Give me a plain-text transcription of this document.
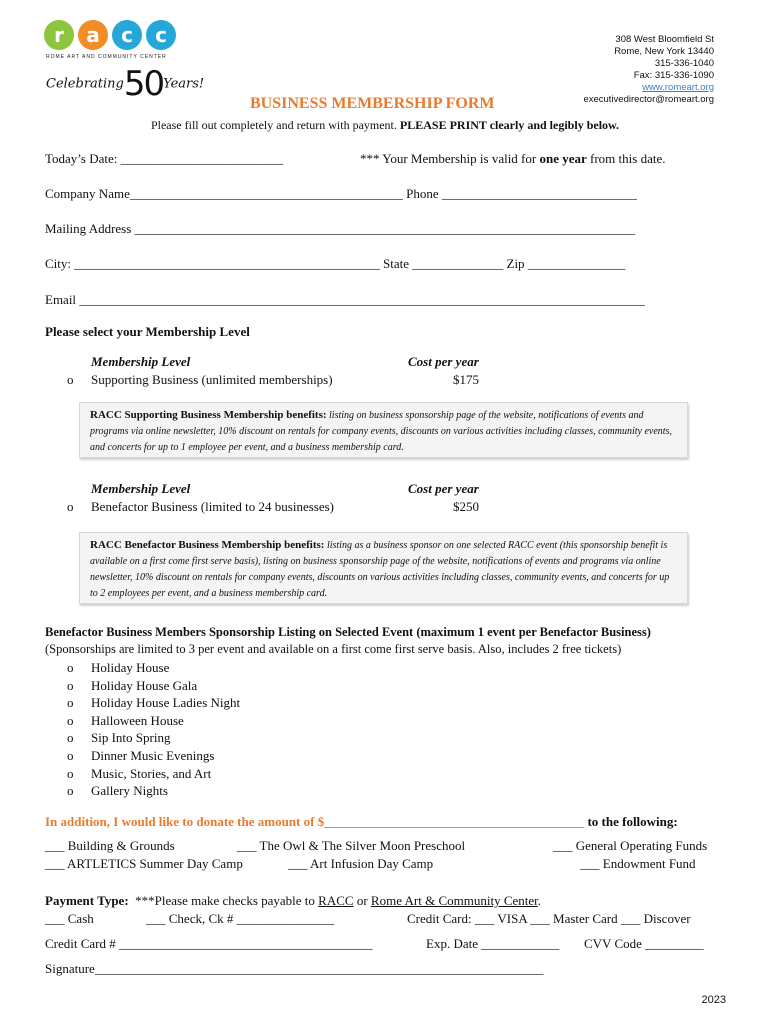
r	a	c	c
ROME ART AND COMMUNITY CENTER
Celebrating50Years!
308 West Bloomfield St
Rome, New York 13440
315-336-1040
Fax: 315-336-1090
www.romeart.org
executivedirector@romeart.org
BUSINESS MEMBERSHIP FORM
Please fill out completely and return with payment. PLEASE PRINT clearly and legibly below.
Today’s Date: _________________________	*** Your Membership is valid for one year from this date.
Company Name__________________________________________ Phone ______________________________
Mailing Address _____________________________________________________________________________
City: _______________________________________________ State ______________ Zip _______________
Email _______________________________________________________________________________________
Please select your Membership Level
Membership Level	Cost per year
o Supporting Business (unlimited memberships)	$175
RACC Supporting Business Membership benefits: listing on business sponsorship page of the website, notifications of events and programs via online newsletter, 10% discount on rentals for company events, discounts on various activities including classes, community events, and concerts for up to 1 employee per event, and a business membership card.
Membership Level	Cost per year
o Benefactor Business (limited to 24 businesses)	$250
RACC Benefactor Business Membership benefits: listing as a business sponsor on one selected RACC event (this sponsorship benefit is available on a first come first serve basis), listing on business sponsorship page of the website, notifications of events and programs via online newsletter, 10% discount on rentals for company events, discounts on various activities including classes, community events, and concerts for up to 2 employees per event, and a business membership card.
Benefactor Business Members Sponsorship Listing on Selected Event (maximum 1 event per Benefactor Business)
(Sponsorships are limited to 3 per event and available on a first come first serve basis. Also, includes 2 free tickets)
o Holiday House
o Holiday House Gala
o Holiday House Ladies Night
o Halloween House
o Sip Into Spring
o Dinner Music Evenings
o Music, Stories, and Art
o Gallery Nights
In addition, I would like to donate the amount of $________________________________________ to the following:
___ Building & Grounds	___ The Owl & The Silver Moon Preschool	___ General Operating Funds
___ ARTLETICS Summer Day Camp	___ Art Infusion Day Camp	___ Endowment Fund
Payment Type: ***Please make checks payable to RACC or Rome Art & Community Center.
___ Cash	___ Check, Ck # _______________	Credit Card: ___ VISA ___ Master Card ___ Discover
Credit Card # _______________________________________	Exp. Date ____________ CVV Code _________
Signature_____________________________________________________________________
2023
